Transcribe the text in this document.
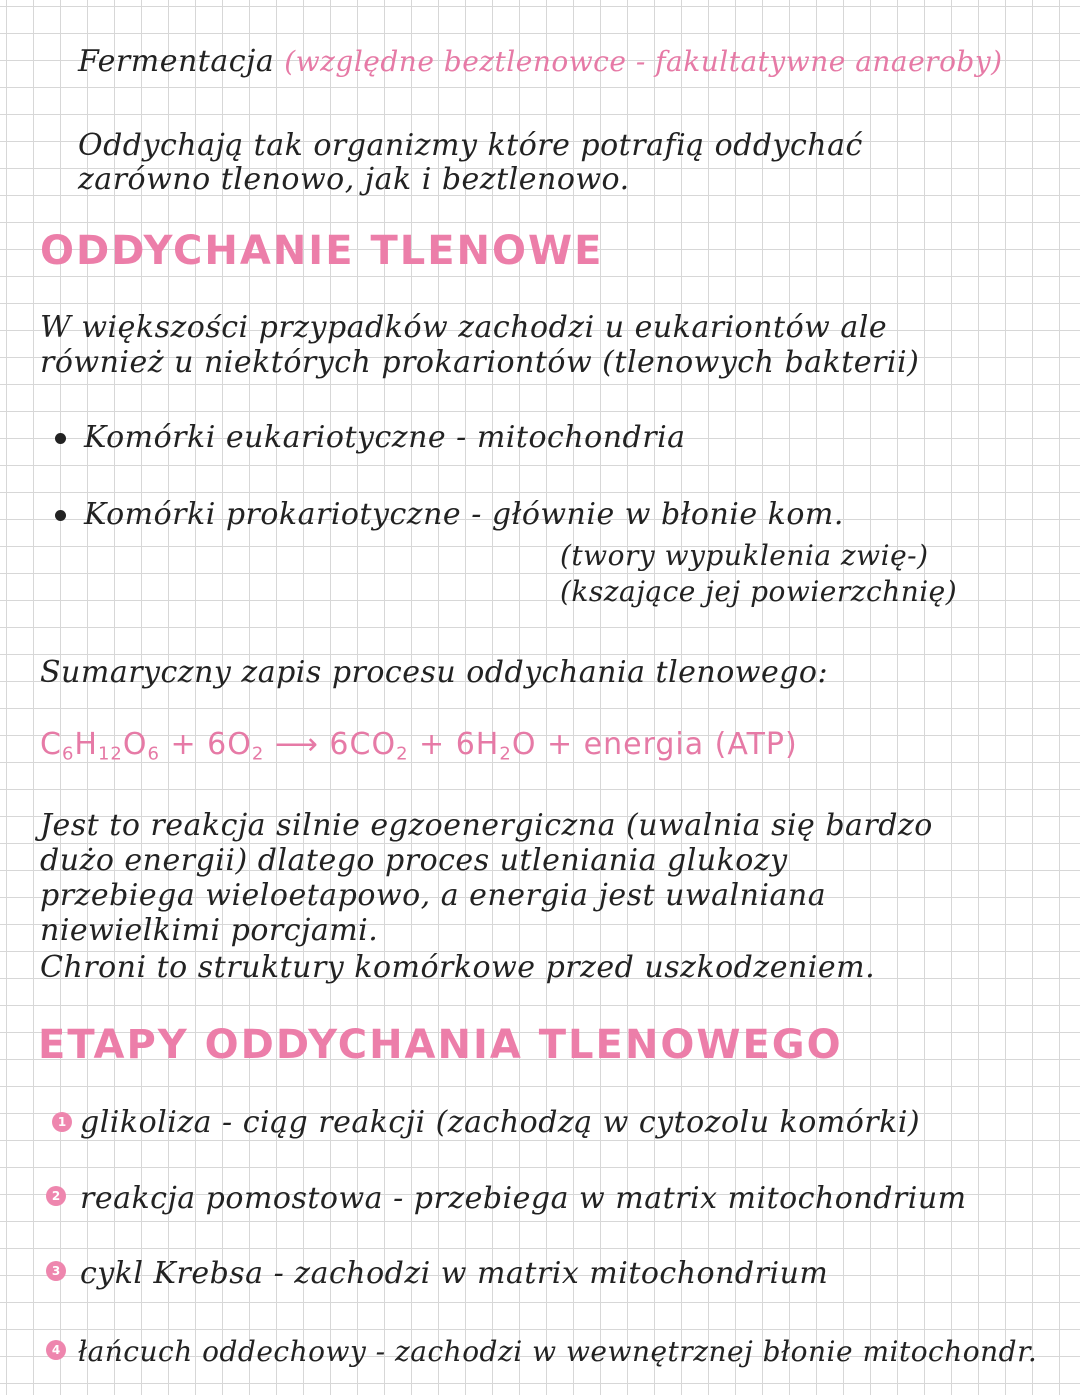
Fermentacja (względne beztlenowce - fakultatywne anaeroby)
Oddychają tak organizmy które potrafią oddychać
zarówno tlenowo, jak i beztlenowo.
ODDYCHANIE TLENOWE
W większości przypadków zachodzi u eukariontów ale
również u niektórych prokariontów (tlenowych bakterii)
Komórki eukariotyczne - mitochondria
Komórki prokariotyczne - głównie w błonie kom.
(twory wypuklenia zwię-)
(kszające jej powierzchnię)
Sumaryczny zapis procesu oddychania tlenowego:
$C_6H_{12}O_6 + 6O_2$ ⟶ $6CO_2 + 6H_2O$ + energia (ATP)
Jest to reakcja silnie egzoenergiczna (uwalnia się bardzo
dużo energii) dlatego proces utleniania glukozy
przebiega wieloetapowo, a energia jest uwalniana
niewielkimi porcjami.
Chroni to struktury komórkowe przed uszkodzeniem.
ETAPY ODDYCHANIA TLENOWEGO
1 glikoliza - ciąg reakcji (zachodzą w cytozolu komórki)
2 reakcja pomostowa - przebiega w matrix mitochondrium
3 cykl Krebsa - zachodzi w matrix mitochondrium
4 łańcuch oddechowy - zachodzi w wewnętrznej błonie mitochondr.
